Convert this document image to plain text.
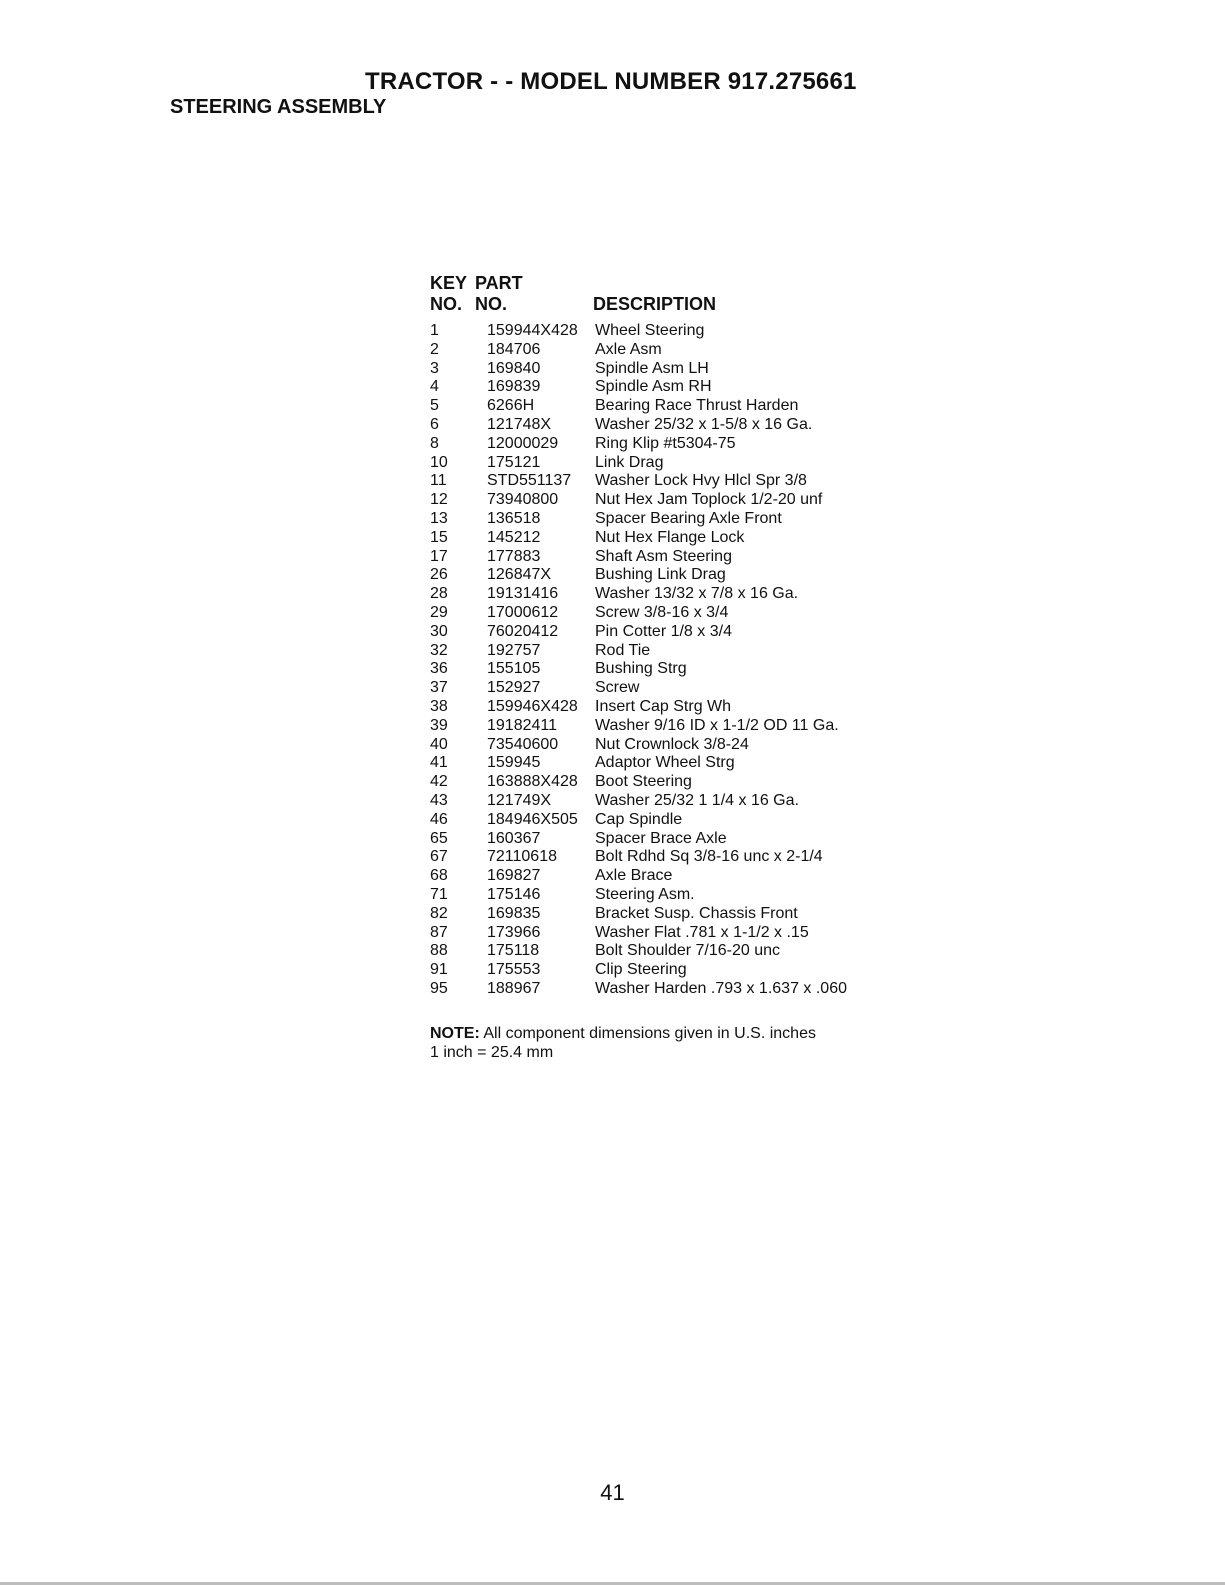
TRACTOR - - MODEL NUMBER 917.275661
STEERING ASSEMBLY
KEY PART
NO. NO.	DESCRIPTION
1	159944X428	Wheel Steering
2	184706	Axle Asm
3	169840	Spindle Asm LH
4	169839	Spindle Asm RH
5	6266H	Bearing Race Thrust Harden
6	121748X	Washer 25/32 x 1-5/8 x 16 Ga.
8	12000029	Ring Klip #t5304-75
10	175121	Link Drag
11	STD551137	Washer Lock Hvy Hlcl Spr 3/8
12	73940800	Nut Hex Jam Toplock 1/2-20 unf
13	136518	Spacer Bearing Axle Front
15	145212	Nut Hex Flange Lock
17	177883	Shaft Asm Steering
26	126847X	Bushing Link Drag
28	19131416	Washer 13/32 x 7/8 x 16 Ga.
29	17000612	Screw 3/8-16 x 3/4
30	76020412	Pin Cotter 1/8 x 3/4
32	192757	Rod Tie
36	155105	Bushing Strg
37	152927	Screw
38	159946X428	Insert Cap Strg Wh
39	19182411	Washer 9/16 ID x 1-1/2 OD 11 Ga.
40	73540600	Nut Crownlock 3/8-24
41	159945	Adaptor Wheel Strg
42	163888X428	Boot Steering
43	121749X	Washer 25/32 1 1/4 x 16 Ga.
46	184946X505	Cap Spindle
65	160367	Spacer Brace Axle
67	72110618	Bolt Rdhd Sq 3/8-16 unc x 2-1/4
68	169827	Axle Brace
71	175146	Steering Asm.
82	169835	Bracket Susp. Chassis Front
87	173966	Washer Flat .781 x 1-1/2 x .15
88	175118	Bolt Shoulder 7/16-20 unc
91	175553	Clip Steering
95	188967	Washer Harden .793 x 1.637 x .060
NOTE: All component dimensions given in U.S. inches
1 inch = 25.4 mm
41
